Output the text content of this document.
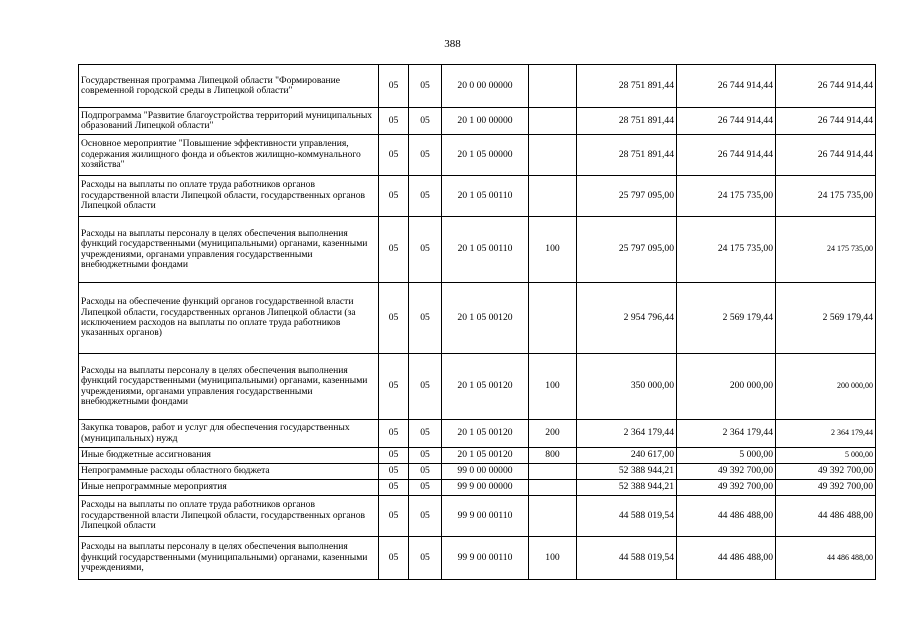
388
Государственная программа Липецкой области "Формирование современной городской среды в Липецкой области"	05	05	20 0 00 00000		28 751 891,44	26 744 914,44	26 744 914,44
Подпрограмма "Развитие благоустройства территорий муниципальных образований Липецкой области"	05	05	20 1 00 00000		28 751 891,44	26 744 914,44	26 744 914,44
Основное мероприятие "Повышение эффективности управления, содержания жилищного фонда и объектов жилищно-коммунального хозяйства"	05	05	20 1 05 00000		28 751 891,44	26 744 914,44	26 744 914,44
Расходы на выплаты по оплате труда работников органов государственной власти Липецкой области, государственных органов Липецкой области	05	05	20 1 05 00110		25 797 095,00	24 175 735,00	24 175 735,00
Расходы на выплаты персоналу в целях обеспечения выполнения функций государственными (муниципальными) органами, казенными учреждениями, органами управления государственными внебюджетными фондами	05	05	20 1 05 00110	100	25 797 095,00	24 175 735,00	24 175 735,00
Расходы на обеспечение функций органов государственной власти Липецкой области, государственных органов Липецкой области (за исключением расходов на выплаты по оплате труда работников указанных органов)	05	05	20 1 05 00120		2 954 796,44	2 569 179,44	2 569 179,44
Расходы на выплаты персоналу в целях обеспечения выполнения функций государственными (муниципальными) органами, казенными учреждениями, органами управления государственными внебюджетными фондами	05	05	20 1 05 00120	100	350 000,00	200 000,00	200 000,00
Закупка товаров, работ и услуг для обеспечения государственных (муниципальных) нужд	05	05	20 1 05 00120	200	2 364 179,44	2 364 179,44	2 364 179,44
Иные бюджетные ассигнования	05	05	20 1 05 00120	800	240 617,00	5 000,00	5 000,00
Непрограммные расходы областного бюджета	05	05	99 0 00 00000		52 388 944,21	49 392 700,00	49 392 700,00
Иные непрограммные мероприятия	05	05	99 9 00 00000		52 388 944,21	49 392 700,00	49 392 700,00
Расходы на выплаты по оплате труда работников органов государственной власти Липецкой области, государственных органов Липецкой области	05	05	99 9 00 00110		44 588 019,54	44 486 488,00	44 486 488,00
Расходы на выплаты персоналу в целях обеспечения выполнения функций государственными (муниципальными) органами, казенными учреждениями,	05	05	99 9 00 00110	100	44 588 019,54	44 486 488,00	44 486 488,00
